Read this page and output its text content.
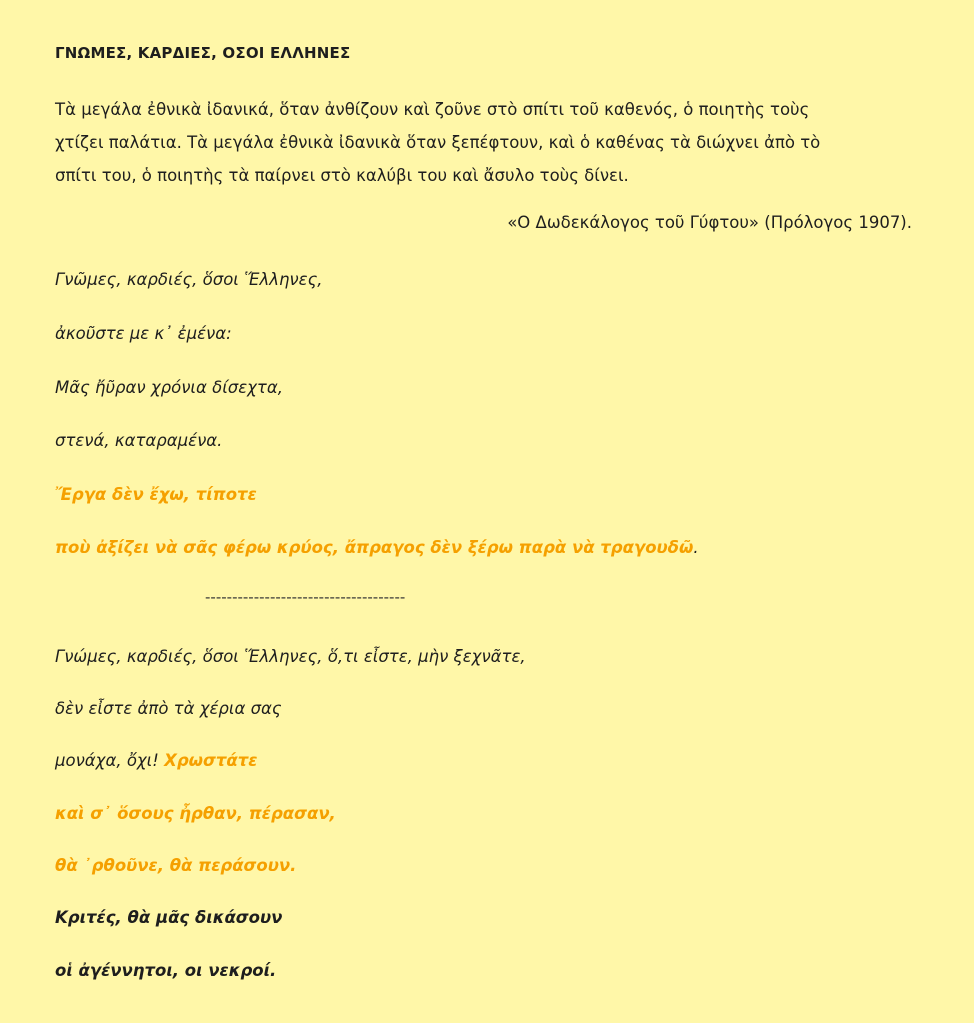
ΓΝΩΜΕΣ, ΚΑΡΔΙΕΣ, ΟΣΟΙ ΕΛΛΗΝΕΣ
Τὰ μεγάλα ἐθνικὰ ἰδανικά, ὅταν ἀνθίζουν καὶ ζοῦνε στὸ σπίτι τοῦ καθενός, ὁ ποιητὴς τοὺς
χτίζει παλάτια. Τὰ μεγάλα ἐθνικὰ ἰδανικὰ ὅταν ξεπέφτουν, καὶ ὁ καθένας τὰ διώχνει ἀπὸ τὸ
σπίτι του, ὁ ποιητὴς τὰ παίρνει στὸ καλύβι του καὶ ἄσυλο τοὺς δίνει.
«Ο Δωδεκάλογος τοῦ Γύφτου» (Πρόλογος 1907).
Γνῶμες, καρδιές, ὅσοι Ἕλληνες,
ἀκοῦστε με κ᾽ ἐμένα:
Μᾶς ἤῦραν χρόνια δίσεχτα,
στενά, καταραμένα.
Ἔργα δὲν ἔχω, τίποτε
ποὺ ἀξίζει νὰ σᾶς φέρω κρύος, ἄπραγος δὲν ξέρω παρὰ νὰ τραγουδῶ.
-------------------------------------
Γνώμες, καρδιές, ὅσοι Ἕλληνες, ὅ,τι εἶστε, μὴν ξεχνᾶτε,
δὲν εἶστε ἀπὸ τὰ χέρια σας
μονάχα, ὄχι! Χρωστάτε
καὶ σ᾽ ὅσους ἦρθαν, πέρασαν,
θὰ ᾽ρθοῦνε, θὰ περάσουν.
Κριτές, θὰ μᾶς δικάσουν
οἱ ἀγέννητοι, οι νεκροί.
